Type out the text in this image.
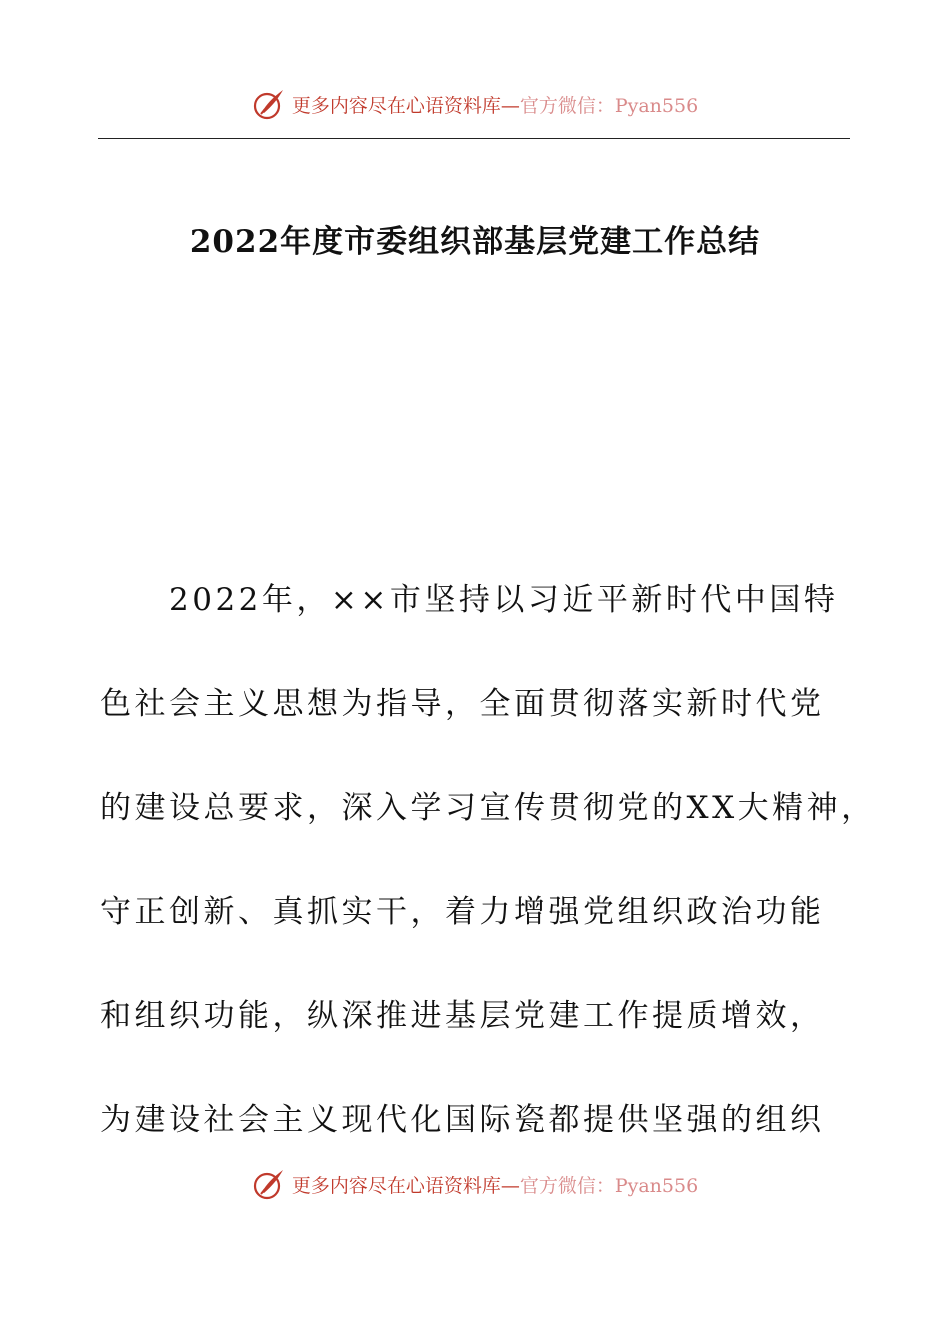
更多内容尽在心语资料库—官方微信：Pyan556
2022年度市委组织部基层党建工作总结
　　2022年，××市坚持以习近平新时代中国特
色社会主义思想为指导，全面贯彻落实新时代党
的建设总要求，深入学习宣传贯彻党的XX大精神，
守正创新、真抓实干，着力增强党组织政治功能
和组织功能，纵深推进基层党建工作提质增效，
为建设社会主义现代化国际瓷都提供坚强的组织
更多内容尽在心语资料库—官方微信：Pyan556
